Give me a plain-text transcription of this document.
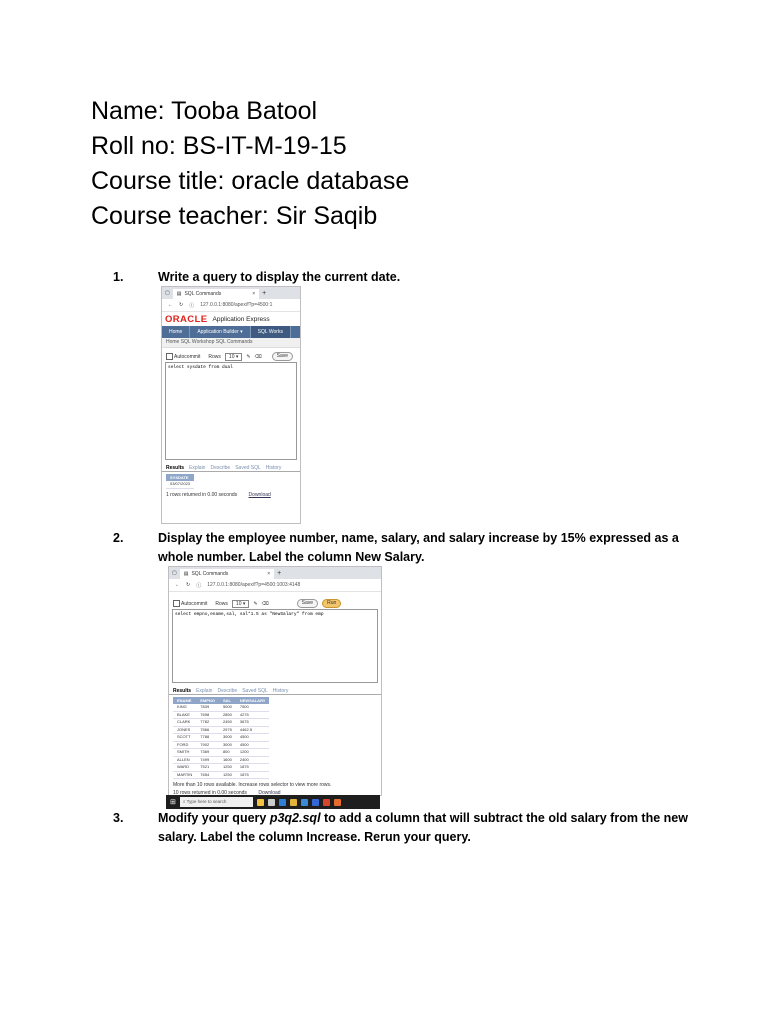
Name: Tooba Batool
Roll no: BS-IT-M-19-15
Course title: oracle database
Course teacher: Sir Saqib
1.	Write a query to display the current date.
▢	▤ SQL Commands	×	+
← ↻ ⓘ 127.0.0.1:8080/apex/f?p=4500:1
ORACLE Application Express
Home	Application Builder ▾	SQL Works
Home SQL Workshop SQL Commands
Autocommit Rows	10 ▾	✎ ⌫	Save
select sysdate from dual
Results Explain Describe Saved SQL History
SYSDATE
03/07/2023
1 rows returned in 0.00 seconds Download
2.	Display the employee number, name, salary, and salary increase by 15% expressed as a whole number. Label the column New Salary.
▢	▤ SQL Commands	×	+
← ↻ ⓘ 127.0.0.1:8080/apex/f?p=4500:1003:4148
Autocommit Rows	10 ▾	✎ ⌫	Save	Run
select empno,ename,sal, sal*1.5 as "NewSalary" from emp
Results Explain Describe Saved SQL History
ENAME	EMPNO	SAL	NEWSALARY
KING	7839	5000	7500
BLAKE	7698	2850	4275
CLARK	7782	2450	3675
JONES	7566	2975	4462.5
SCOTT	7788	3000	4500
FORD	7902	3000	4500
SMITH	7369	800	1200
ALLEN	7499	1600	2400
WARD	7521	1250	1875
MARTIN	7654	1250	1875
More than 10 rows available. Increase rows selector to view more rows.
10 rows returned in 0.00 seconds Download
⊞	⌕ Type here to search
3.	Modify your query p3q2.sql to add a column that will subtract the old salary from the new salary. Label the column Increase. Rerun your query.
